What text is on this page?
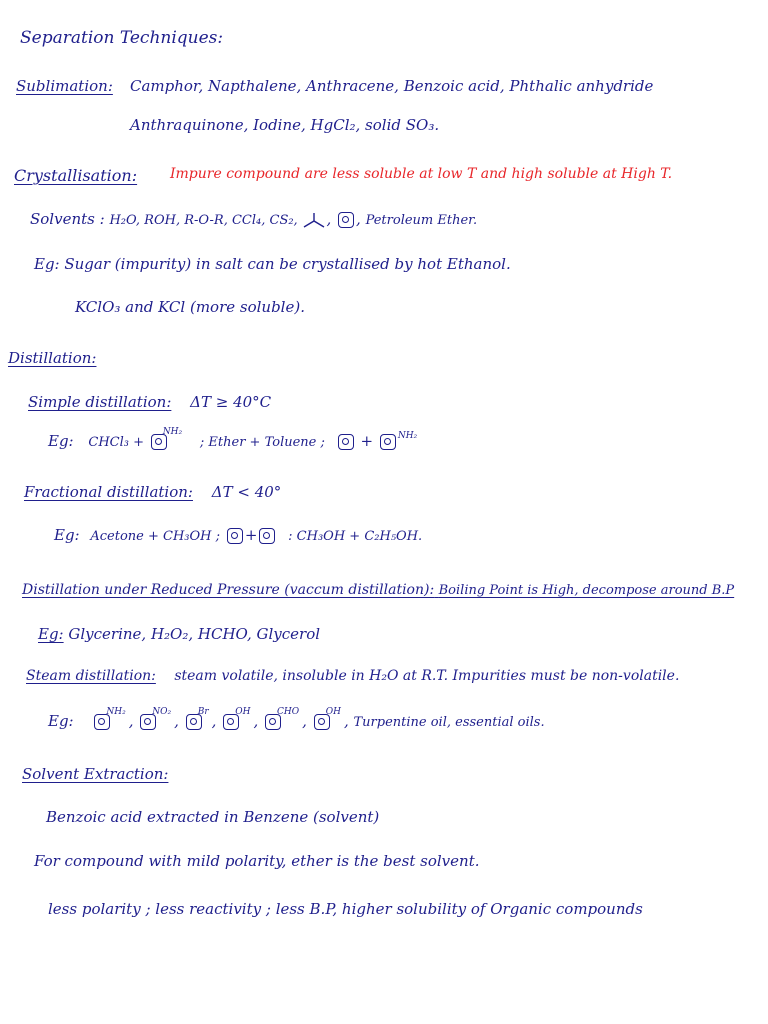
Separation Techniques:
Sublimation: Camphor, Napthalene, Anthracene, Benzoic acid, Phthalic anhydride
Anthraquinone, Iodine, HgCl₂, solid SO₃.
Crystallisation: Impure compound are less soluble at low T and high soluble at High T.
Solvents : H₂O, ROH, R-O-R, CCl₄, CS₂, , , Petroleum Ether.
Eg: Sugar (impurity) in salt can be crystallised by hot Ethanol.
KClO₃ and KCl (more soluble).
Distillation:
Simple distillation: ΔT ≥ 40°C
Eg: CHCl₃ + $^{NH_2}$ ; Ether + Toluene ; +	$^{NH_2}$
Fractional distillation: ΔT < 40°
Eg: Acetone + CH₃OH ; + : CH₃OH + C₂H₅OH.
Distillation under Reduced Pressure (vaccum distillation): Boiling Point is High, decompose around B.P
Eg: Glycerine, H₂O₂, HCHO, Glycerol
Steam distillation: steam volatile, insoluble in H₂O at R.T. Impurities must be non-volatile.
Eg:	$^{NH_2}$ , $^{NO_2}$ , $^{Br}$ , $^{OH}$ , $^{CHO}$ , $^{OH}$ , Turpentine oil, essential oils.
Solvent Extraction:
Benzoic acid extracted in Benzene (solvent)
For compound with mild polarity, ether is the best solvent.
less polarity ; less reactivity ; less B.P, higher solubility of Organic compounds
